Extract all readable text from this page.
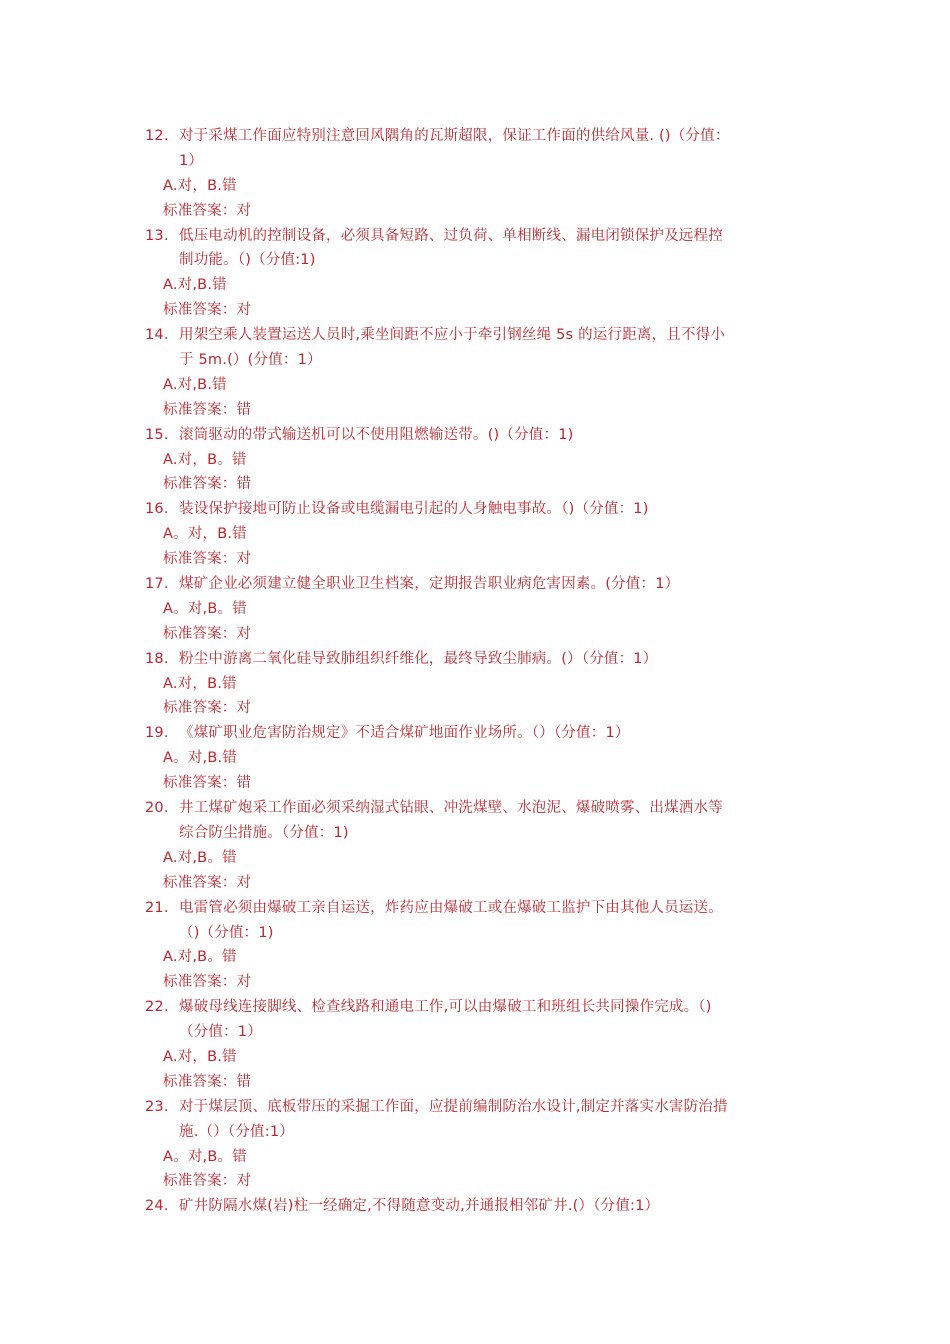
12. 对于采煤工作面应特别注意回风隅角的瓦斯超限，保证工作面的供给风量. ()（分值：
1）
A.对，B.错
标准答案：对
13. 低压电动机的控制设备，必须具备短路、过负荷、单相断线、漏电闭锁保护及远程控
制功能。（)（分值:1)
A.对,B.错
标准答案：对
14. 用架空乘人装置运送人员时,乘坐间距不应小于牵引钢丝绳 5s 的运行距离，且不得小
于 5m.(）(分值：1）
A.对,B.错
标准答案：错
15. 滚筒驱动的带式输送机可以不使用阻燃输送带。()（分值：1)
A.对，B。错
标准答案：错
16. 装设保护接地可防止设备或电缆漏电引起的人身触电事故。（)（分值：1)
A。对，B.错
标准答案：对
17. 煤矿企业必须建立健全职业卫生档案，定期报告职业病危害因素。(分值：1）
A。对,B。错
标准答案：对
18. 粉尘中游离二氧化硅导致肺组织纤维化，最终导致尘肺病。(）（分值：1）
A.对，B.错
标准答案：对
19. 《煤矿职业危害防治规定》不适合煤矿地面作业场所。（）（分值：1）
A。对,B.错
标准答案：错
20. 井工煤矿炮采工作面必须采纳湿式钻眼、冲洗煤壁、水泡泥、爆破喷雾、出煤洒水等
综合防尘措施。（分值：1)
A.对,B。错
标准答案：对
21. 电雷管必须由爆破工亲自运送，炸药应由爆破工或在爆破工监护下由其他人员运送。
（)（分值：1)
A.对,B。错
标准答案：对
22. 爆破母线连接脚线、检查线路和通电工作,可以由爆破工和班组长共同操作完成。（)
（分值：1）
A.对，B.错
标准答案：错
23. 对于煤层顶、底板带压的采掘工作面，应提前编制防治水设计,制定并落实水害防治措
施.（）（分值:1）
A。对,B。错
标准答案：对
24. 矿井防隔水煤(岩)柱一经确定,不得随意变动,并通报相邻矿井.(）（分值:1）
